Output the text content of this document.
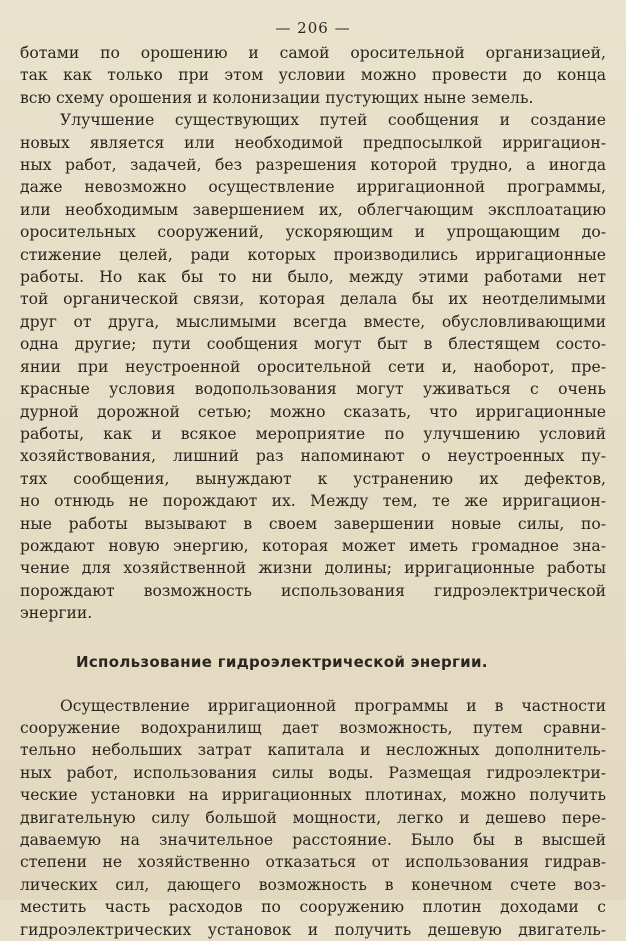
— 206 —
ботами по орошению и самой оросительной организацией,
так как только при этом условии можно провести до конца
всю схему орошения и колонизации пустующих ныне земель.
Улучшение существующих путей сообщения и создание
новых является или необходимой предпосылкой ирригацион-
ных работ, задачей, без разрешения которой трудно, а иногда
даже невозможно осуществление ирригационной программы,
или необходимым завершением их, облегчающим эксплоатацию
оросительных сооружений, ускоряющим и упрощающим до-
стижение целей, ради которых производились ирригационные
работы. Но как бы то ни было, между этими работами нет
той органической связи, которая делала бы их неотделимыми
друг от друга, мыслимыми всегда вместе, обусловливающими
одна другие; пути сообщения могут быт в блестящем состо-
янии при неустроенной оросительной сети и, наоборот, пре-
красные условия водопользования могут уживаться с очень
дурной дорожной сетью; можно сказать, что ирригационные
работы, как и всякое мероприятие по улучшению условий
хозяйствования, лишний раз напоминают о неустроенных пу-
тях сообщения, вынуждают к устранению их дефектов,
но отнюдь не порождают их. Между тем, те же ирригацион-
ные работы вызывают в своем завершении новые силы, по-
рождают новую энергию, которая может иметь громадное зна-
чение для хозяйственной жизни долины; ирригационные работы
порождают возможность использования гидроэлектрической
энергии.
Использование гидроэлектрической энергии.
Осуществление ирригационной программы и в частности
сооружение водохранилищ дает возможность, путем сравни-
тельно небольших затрат капитала и несложных дополнитель-
ных работ, использования силы воды. Размещая гидроэлектри-
ческие установки на ирригационных плотинах, можно получить
двигательную силу большой мощности, легко и дешево пере-
даваемую на значительное расстояние. Было бы в высшей
степени не хозяйственно отказаться от использования гидрав-
лических сил, дающего возможность в конечном счете воз-
местить часть расходов по сооружению плотин доходами с
гидроэлектрических установок и получить дешевую двигатель-
